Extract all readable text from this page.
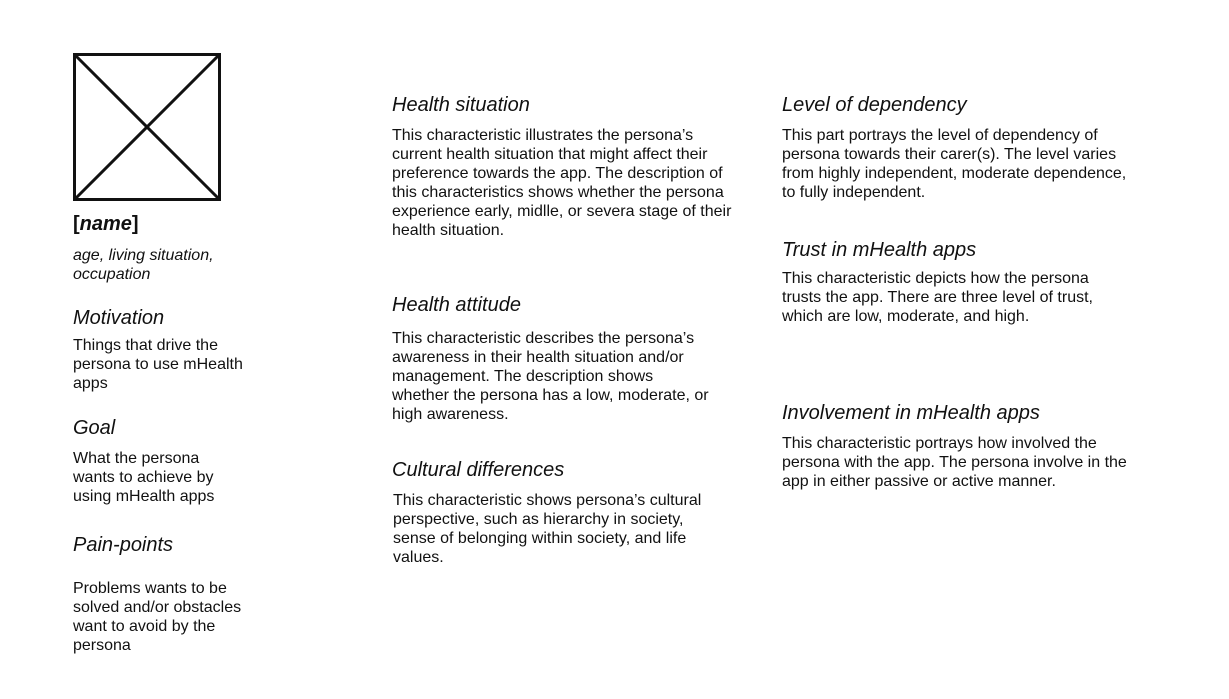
[name]
age, living situation, occupation
Motivation
Things that drive the persona to use mHealth apps
Goal
What the persona wants to achieve by using mHealth apps
Pain-points
Problems wants to be solved and/or obstacles want to avoid by the persona
Health situation
This characteristic illustrates the persona’s current health situation that might affect their preference towards the app. The description of this characteristics shows whether the persona experience early, midlle, or severa stage of their health situation.
Health attitude
This characteristic describes the persona’s awareness in their health situation and/or management. The description shows whether the persona has a low, moderate, or high awareness.
Cultural differences
This characteristic shows persona’s cultural perspective, such as hierarchy in society, sense of belonging within society, and life values.
Level of dependency
This part portrays the level of dependency of persona towards their carer(s). The level varies from highly independent, moderate dependence, to fully independent.
Trust in mHealth apps
This characteristic depicts how the persona trusts the app. There are three level of trust, which are low, moderate, and high.
Involvement in mHealth apps
This characteristic portrays how involved the persona with the app. The persona involve in the app in either passive or active manner.
